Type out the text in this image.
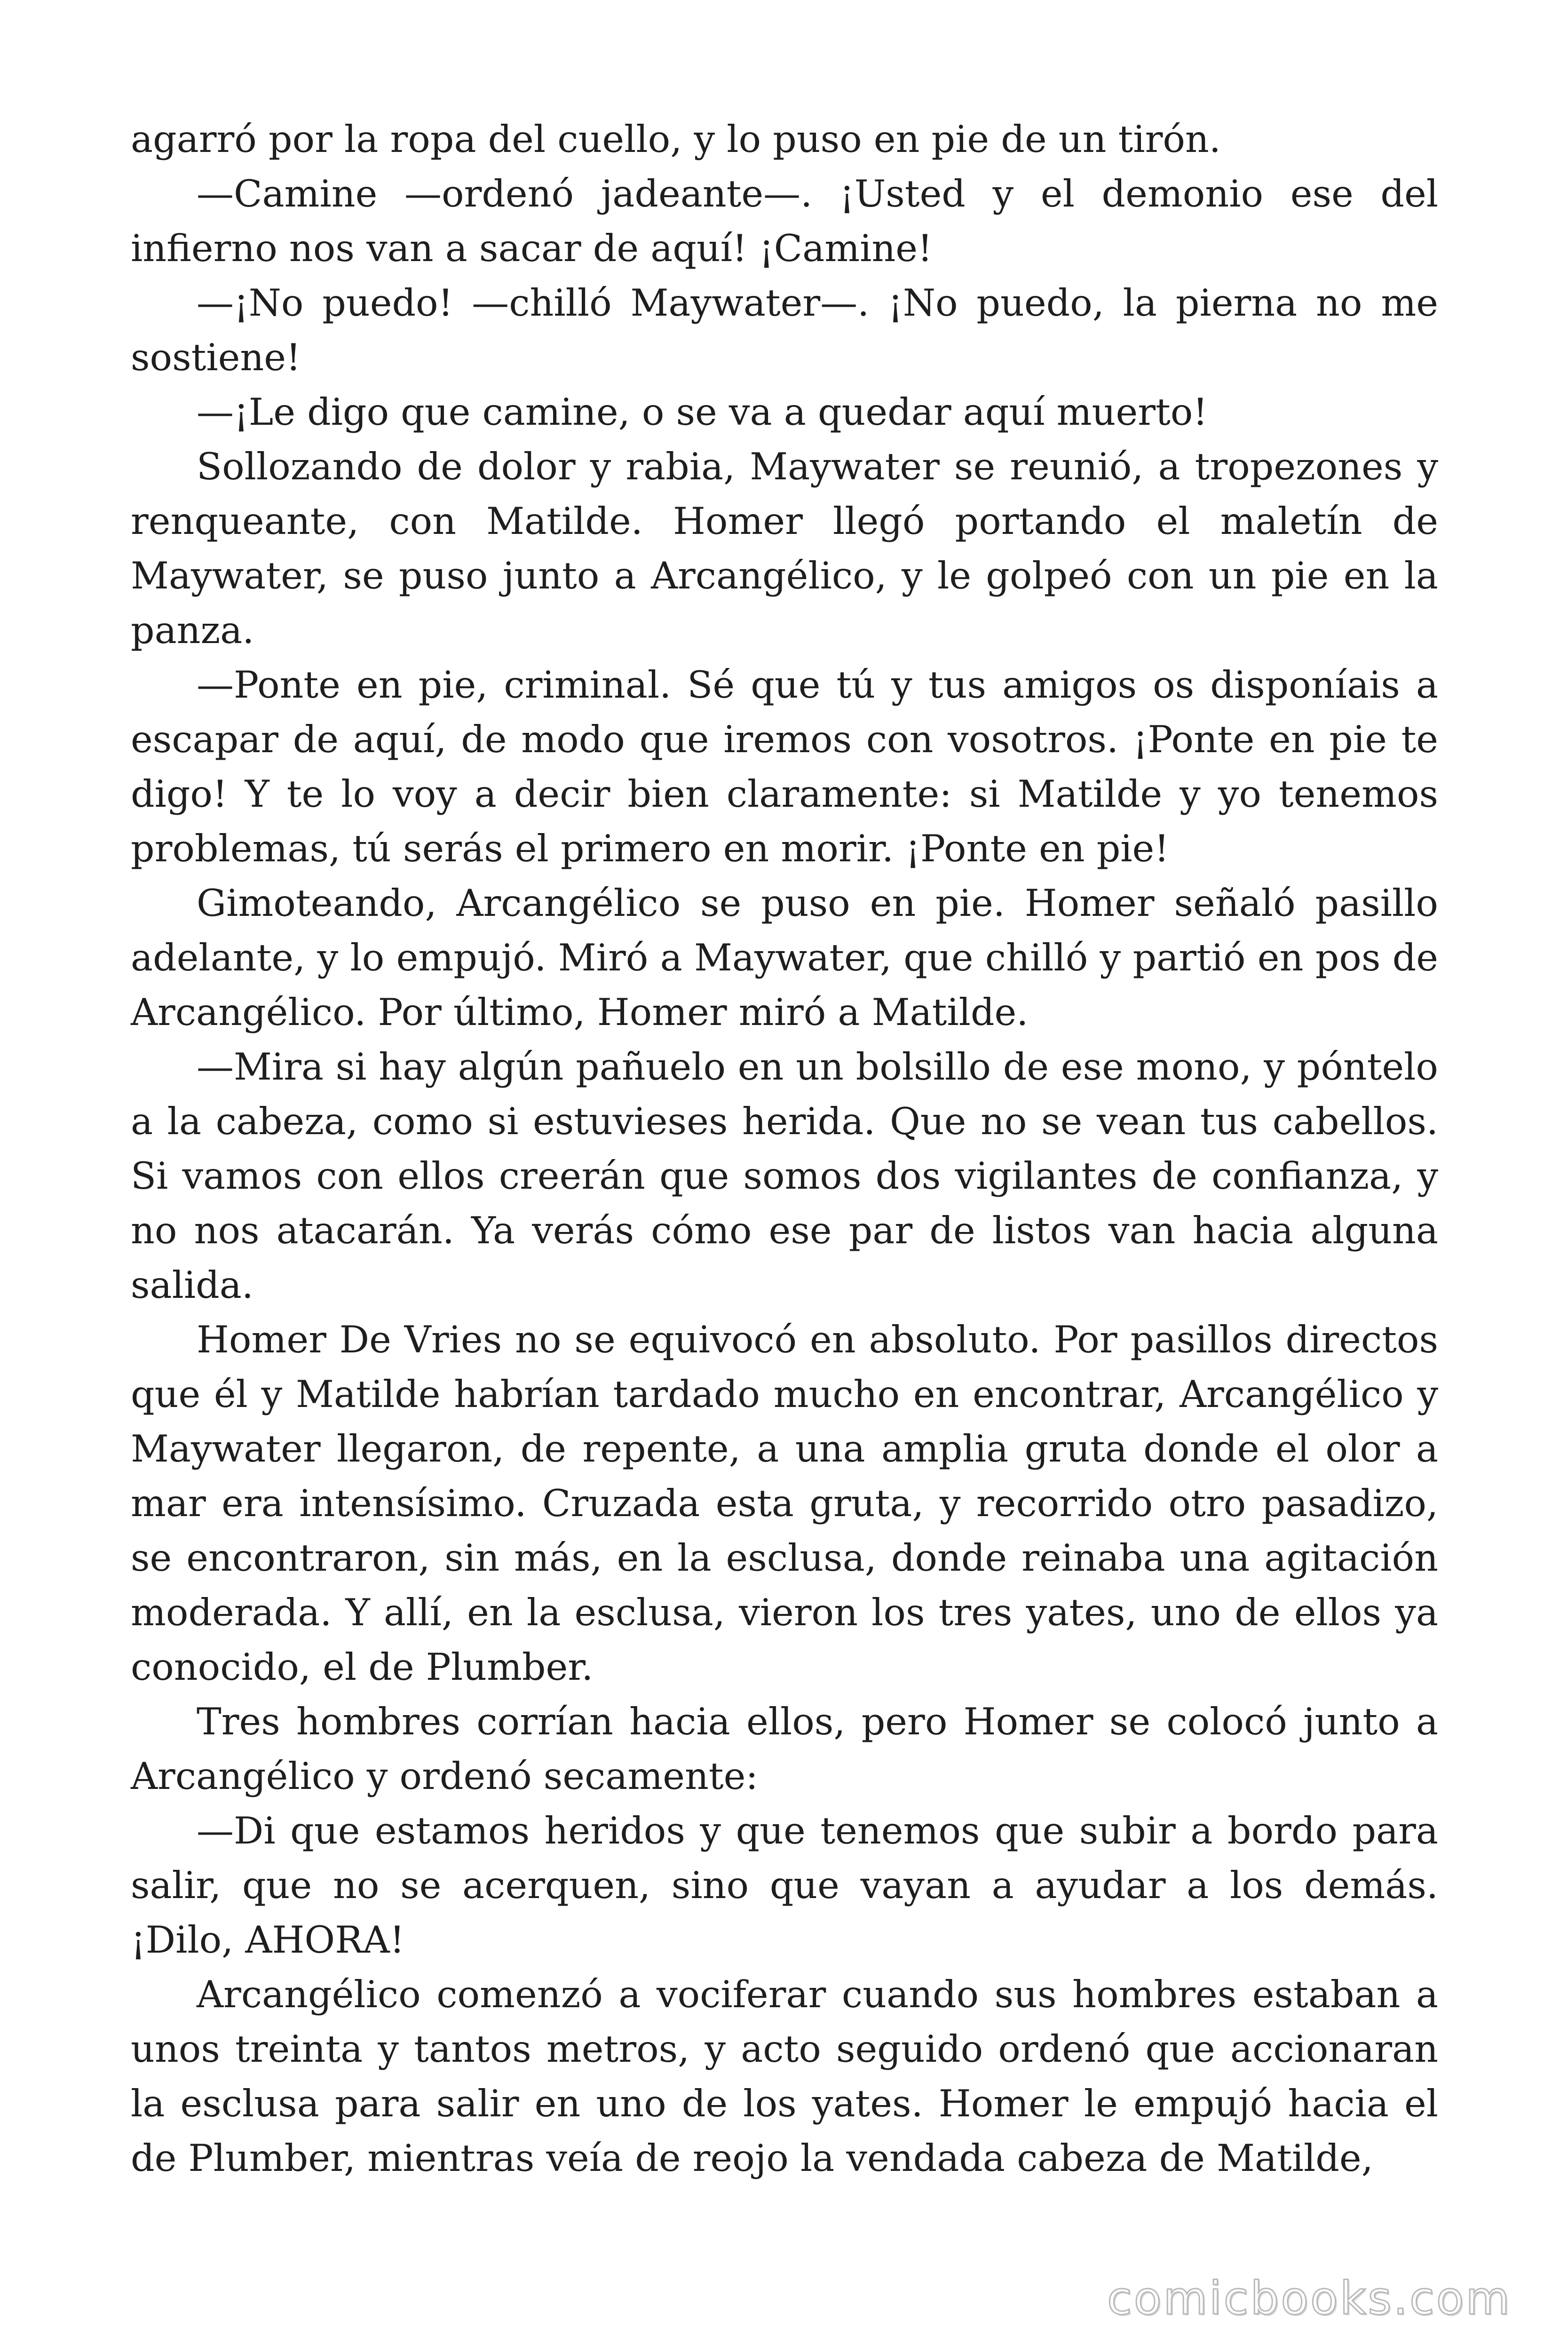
agarró por la ropa del cuello, y lo puso en pie de un tirón.

—Camine —ordenó jadeante—. ¡Usted y el demonio ese del infierno nos van a sacar de aquí! ¡Camine!

—¡No puedo! —chilló Maywater—. ¡No puedo, la pierna no me sostiene!

—¡Le digo que camine, o se va a quedar aquí muerto!

Sollozando de dolor y rabia, Maywater se reunió, a tropezones y renqueante, con Matilde. Homer llegó portando el maletín de Maywater, se puso junto a Arcangélico, y le golpeó con un pie en la panza.

—Ponte en pie, criminal. Sé que tú y tus amigos os disponíais a escapar de aquí, de modo que iremos con vosotros. ¡Ponte en pie te digo! Y te lo voy a decir bien claramente: si Matilde y yo tenemos problemas, tú serás el primero en morir. ¡Ponte en pie!

Gimoteando, Arcangélico se puso en pie. Homer señaló pasillo adelante, y lo empujó. Miró a Maywater, que chilló y partió en pos de Arcangélico. Por último, Homer miró a Matilde.

—Mira si hay algún pañuelo en un bolsillo de ese mono, y póntelo a la cabeza, como si estuvieses herida. Que no se vean tus cabellos. Si vamos con ellos creerán que somos dos vigilantes de confianza, y no nos atacarán. Ya verás cómo ese par de listos van hacia alguna salida.

Homer De Vries no se equivocó en absoluto. Por pasillos directos que él y Matilde habrían tardado mucho en encontrar, Arcangélico y Maywater llegaron, de repente, a una amplia gruta donde el olor a mar era intensísimo. Cruzada esta gruta, y recorrido otro pasadizo, se encontraron, sin más, en la esclusa, donde reinaba una agitación moderada. Y allí, en la esclusa, vieron los tres yates, uno de ellos ya conocido, el de Plumber.

Tres hombres corrían hacia ellos, pero Homer se colocó junto a Arcangélico y ordenó secamente:

—Di que estamos heridos y que tenemos que subir a bordo para salir, que no se acerquen, sino que vayan a ayudar a los demás. ¡Dilo, AHORA!

Arcangélico comenzó a vociferar cuando sus hombres estaban a unos treinta y tantos metros, y acto seguido ordenó que accionaran la esclusa para salir en uno de los yates. Homer le empujó hacia el de Plumber, mientras veía de reojo la vendada cabeza de Matilde,

comicbooks.com
